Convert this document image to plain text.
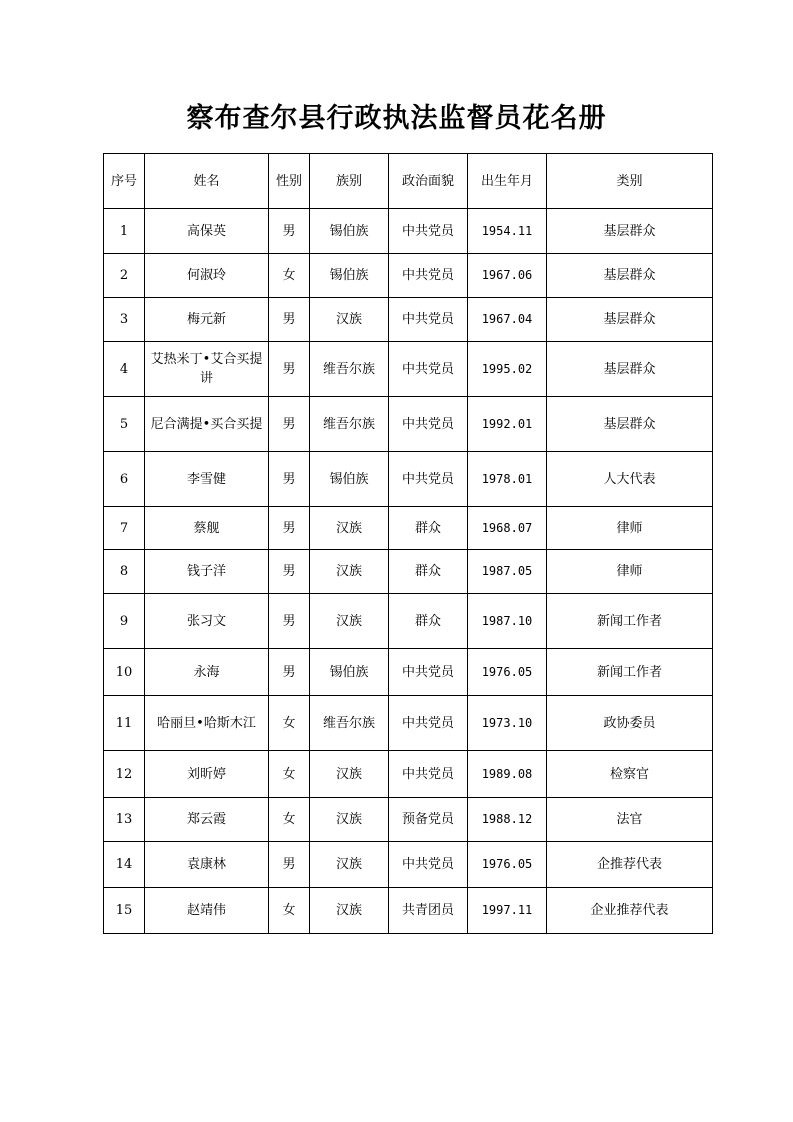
察布查尔县行政执法监督员花名册
序号	姓名	性别	族别	政治面貌	出生年月	类别
1	高保英	男	锡伯族	中共党员	1954.11	基层群众
2	何淑玲	女	锡伯族	中共党员	1967.06	基层群众
3	梅元新	男	汉族	中共党员	1967.04	基层群众
4	艾热米丁•艾合买提讲	男	维吾尔族	中共党员	1995.02	基层群众
5	尼合满提•买合买提	男	维吾尔族	中共党员	1992.01	基层群众
6	李雪健	男	锡伯族	中共党员	1978.01	人大代表
7	蔡舰	男	汉族	群众	1968.07	律师
8	钱子洋	男	汉族	群众	1987.05	律师
9	张习文	男	汉族	群众	1987.10	新闻工作者
10	永海	男	锡伯族	中共党员	1976.05	新闻工作者
11	哈丽旦•哈斯木江	女	维吾尔族	中共党员	1973.10	政协委员
12	刘昕婷	女	汉族	中共党员	1989.08	检察官
13	郑云霞	女	汉族	预备党员	1988.12	法官
14	袁康林	男	汉族	中共党员	1976.05	企推荐代表
15	赵靖伟	女	汉族	共青团员	1997.11	企业推荐代表
